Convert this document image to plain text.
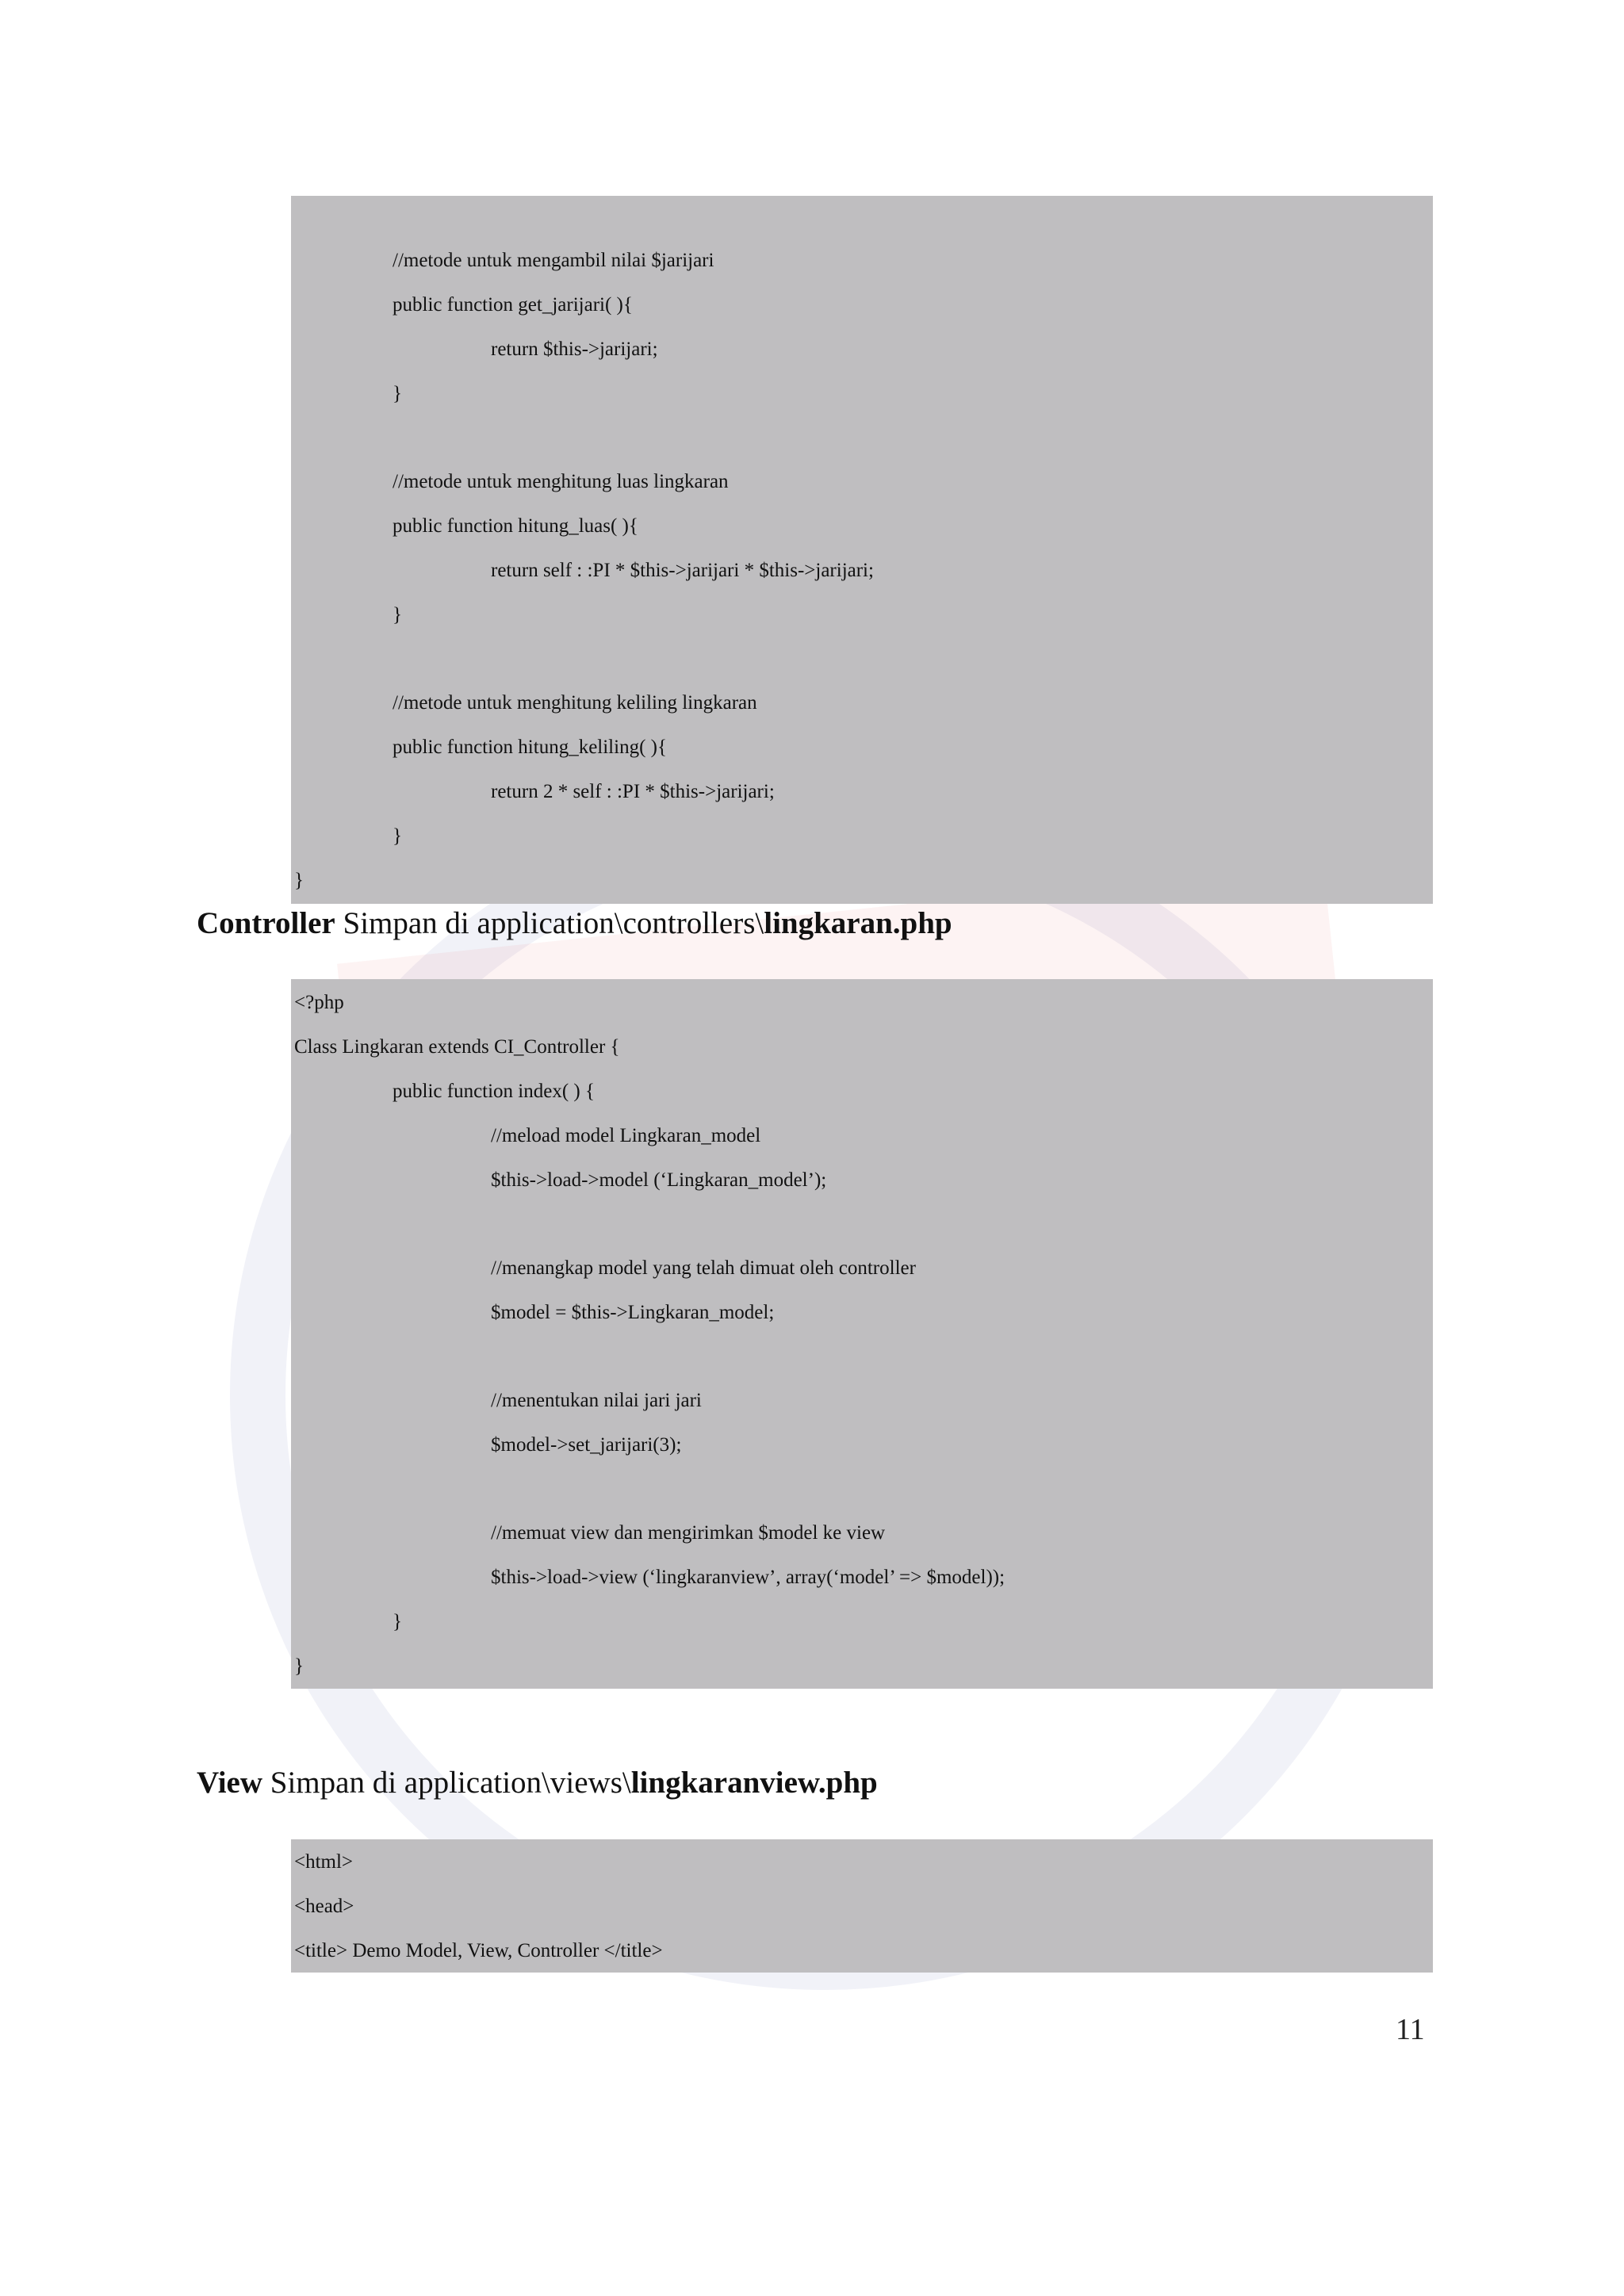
//metode untuk mengambil nilai $jarijari
public function get_jarijari( ){
return $this->jarijari;
}
//metode untuk menghitung luas lingkaran
public function hitung_luas( ){
return self : :PI * $this->jarijari * $this->jarijari;
}
//metode untuk menghitung keliling lingkaran
public function hitung_keliling( ){
return 2 * self : :PI * $this->jarijari;
}
}
Controller Simpan di application\controllers\lingkaran.php
<?php
Class Lingkaran extends CI_Controller {
public function index( ) {
//meload model Lingkaran_model
$this->load->model (‘Lingkaran_model’);
//menangkap model yang telah dimuat oleh controller
$model = $this->Lingkaran_model;
//menentukan nilai jari jari
$model->set_jarijari(3);
//memuat view dan mengirimkan $model ke view
$this->load->view (‘lingkaranview’, array(‘model’ => $model));
}
}
View Simpan di application\views\lingkaranview.php
<html>
<head>
<title> Demo Model, View, Controller </title>
11
